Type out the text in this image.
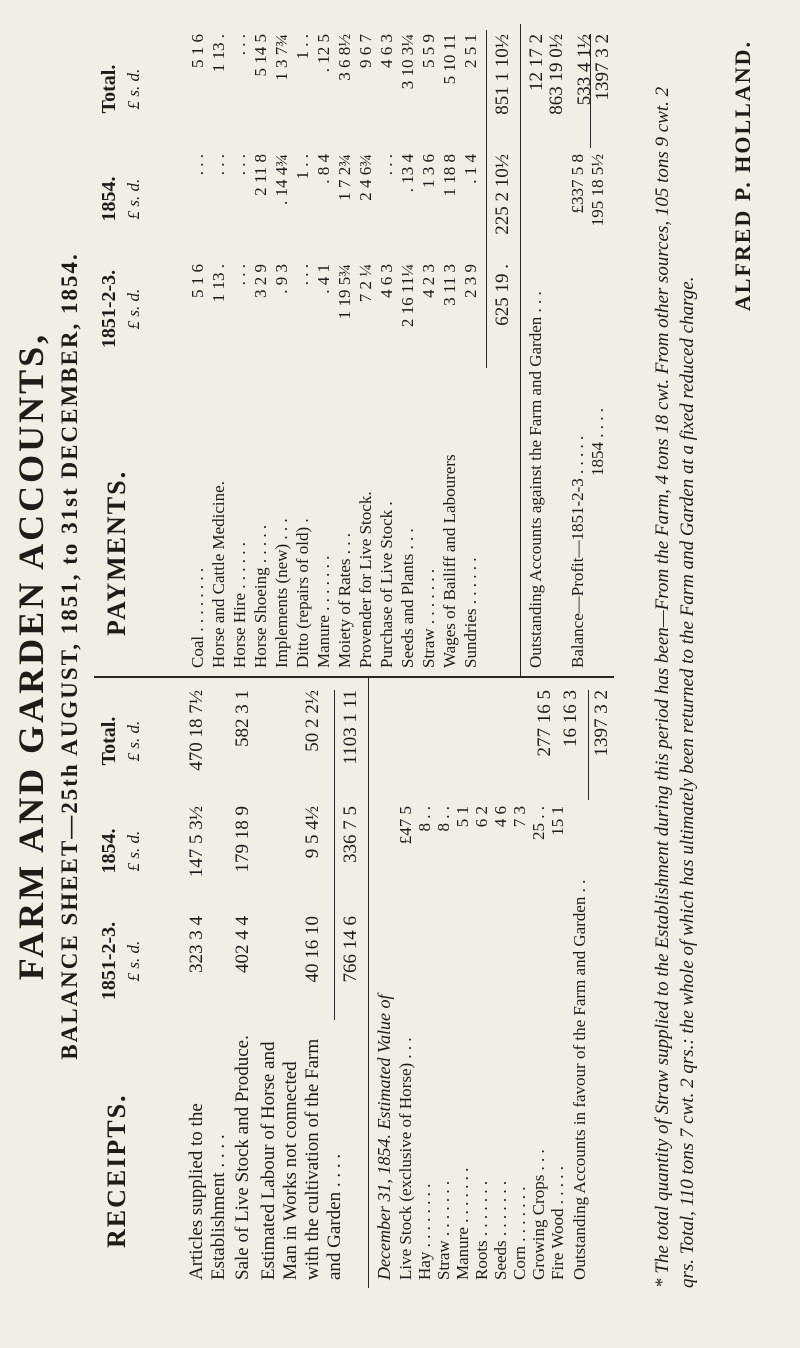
FARM AND GARDEN ACCOUNTS, BALANCE SHEET—25th AUGUST, 1851, to 31st DECEMBER, 1854.
RECEIPTS.
1851-2-3.
1854.
Total.
£ s. d.
£ s. d.
£ s. d.
Articles supplied to the Establishment . . . .
323 3 4
147 5 3½
470 18 7½
Sale of Live Stock and Produce.
402 4 4
179 18 9
582 3 1
Estimated Labour of Horse and Man in Works not connected with the cultivation of the Farm and Garden . . . .
40 16 10
9 5 4½
50 2 2½
766 14 6
336 7 5
1103 1 11
December 31, 1854. Estimated Value of Live Stock (exclusive of Horse) . . .
£47 5
Hay . . . . . . . .
8 . .
Straw . . . . . . .
8 . .
Manure . . . . . . .
5 1
Roots . . . . . . .
6 2
Seeds . . . . . . .
4 6
Corn . . . . . . .
7 3
Growing Crops . . .
25 . .
Fire Wood . . . . .
15 1
277 16 5
Outstanding Accounts in favour of the Farm and Garden . .
16 16 3 1397 3 2
PAYMENTS.
1851-2-3.
1854.
Total.
£ s. d.
£ s. d.
£ s. d.
Coal . . . . . . . .
5 1 6
. . .
5 1 6
Horse and Cattle Medicine.
1 13 .
. . .
1 13 .
Horse Hire . . . . . .
. . .
. . .
. . .
Horse Shoeing . . . . .
3 2 9
2 11 8
5 14 5
Implements (new) . . .
. 9 3
. 14 4¾
1 3 7¾
Ditto (repairs of old) .
. . .
1 . .
1 . .
Manure . . . . . . .
. 4 1
. 8 4
. 12 5
Moiety of Rates . . .
1 19 5¾
1 7 2¾
3 6 8½
Provender for Live Stock.
7 2 ¼
2 4 6¾
9 6 7
Purchase of Live Stock .
4 6 3
. . .
4 6 3
Seeds and Plants . . .
2 16 11¼
. 13 4
3 10 3¼
Straw . . . . . . .
4 2 3
1 3 6
5 5 9
Wages of Bailiff and Labourers
3 11 3
1 18 8
5 10 11
Sundries . . . . . .
2 3 9
. 1 4
2 5 1
625 19 .
225 2 10½
851 1 10½
Outstanding Accounts against the Farm and Garden . . .
12 17 2 863 19 0½
Balance—Profit—1851-2-3 . . . . .
£337 5 8
1854 . . . .
195 18 5½
533 4 1½
1397 3 2
* The total quantity of Straw supplied to the Establishment during this period has been—From the Farm, 4 tons 18 cwt. From other sources, 105 tons 9 cwt. 2 qrs. Total, 110 tons 7 cwt. 2 qrs.: the whole of which has ultimately been returned to the Farm and Garden at a fixed reduced charge.
ALFRED P. HOLLAND.
